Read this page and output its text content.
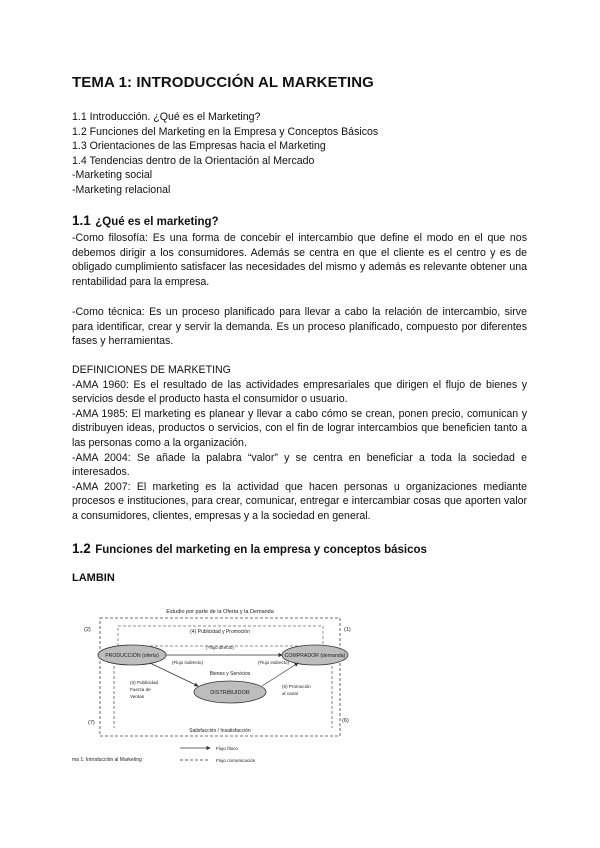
TEMA 1: INTRODUCCIÓN AL MARKETING
1.1 Introducción. ¿Qué es el Marketing?
1.2 Funciones del Marketing en la Empresa y Conceptos Básicos
1.3 Orientaciones de las Empresas hacia el Marketing
1.4 Tendencias dentro de la Orientación al Mercado
-Marketing social
-Marketing relacional
1.1 ¿Qué es el marketing?
-Como filosofía: Es una forma de concebir el intercambio que define el modo en el que nos debemos dirigir a los consumidores. Además se centra en que el cliente es el centro y es de obligado cumplimiento satisfacer las necesidades del mismo y además es relevante obtener una rentabilidad para la empresa.
-Como técnica: Es un proceso planificado para llevar a cabo la relación de intercambio, sirve para identificar, crear y servir la demanda. Es un proceso planificado, compuesto por diferentes fases y herramientas.
DEFINICIONES DE MARKETING
-AMA 1960: Es el resultado de las actividades empresariales que dirigen el flujo de bienes y servicios desde el producto hasta el consumidor o usuario.
-AMA 1985: El marketing es planear y llevar a cabo cómo se crean, ponen precio, comunican y distribuyen ideas, productos o servicios, con el fin de lograr intercambios que beneficien tanto a las personas como a la organización.
-AMA 2004: Se añade la palabra “valor” y se centra en beneficiar a toda la sociedad e interesados.
-AMA 2007: El marketing es la actividad que hacen personas u organizaciones mediante procesos e instituciones, para crear, comunicar, entregar e intercambiar cosas que aporten valor a consumidores, clientes, empresas y a la sociedad en general.
1.2 Funciones del marketing en la empresa y conceptos básicos
LAMBIN
Estudio por parte de la Oferta y la Demanda
(4) Publicidad y Promoción
(*flujo directo)
PRODUCCIÓN (oferta)	COMPRADOR (demanda)
DISTRIBUIDOR
(Flujo indirecto)	(Flujo indirecto)
Bienes y Servicios
(3) Publicidad
Fuerza de
Ventas
(5) Promoción
al canal
Satisfacción / Insatisfacción
(2)	(1)
(7)	(6)
Flujo físico
Flujo comunicación
ma 1: Introducción al Marketing
